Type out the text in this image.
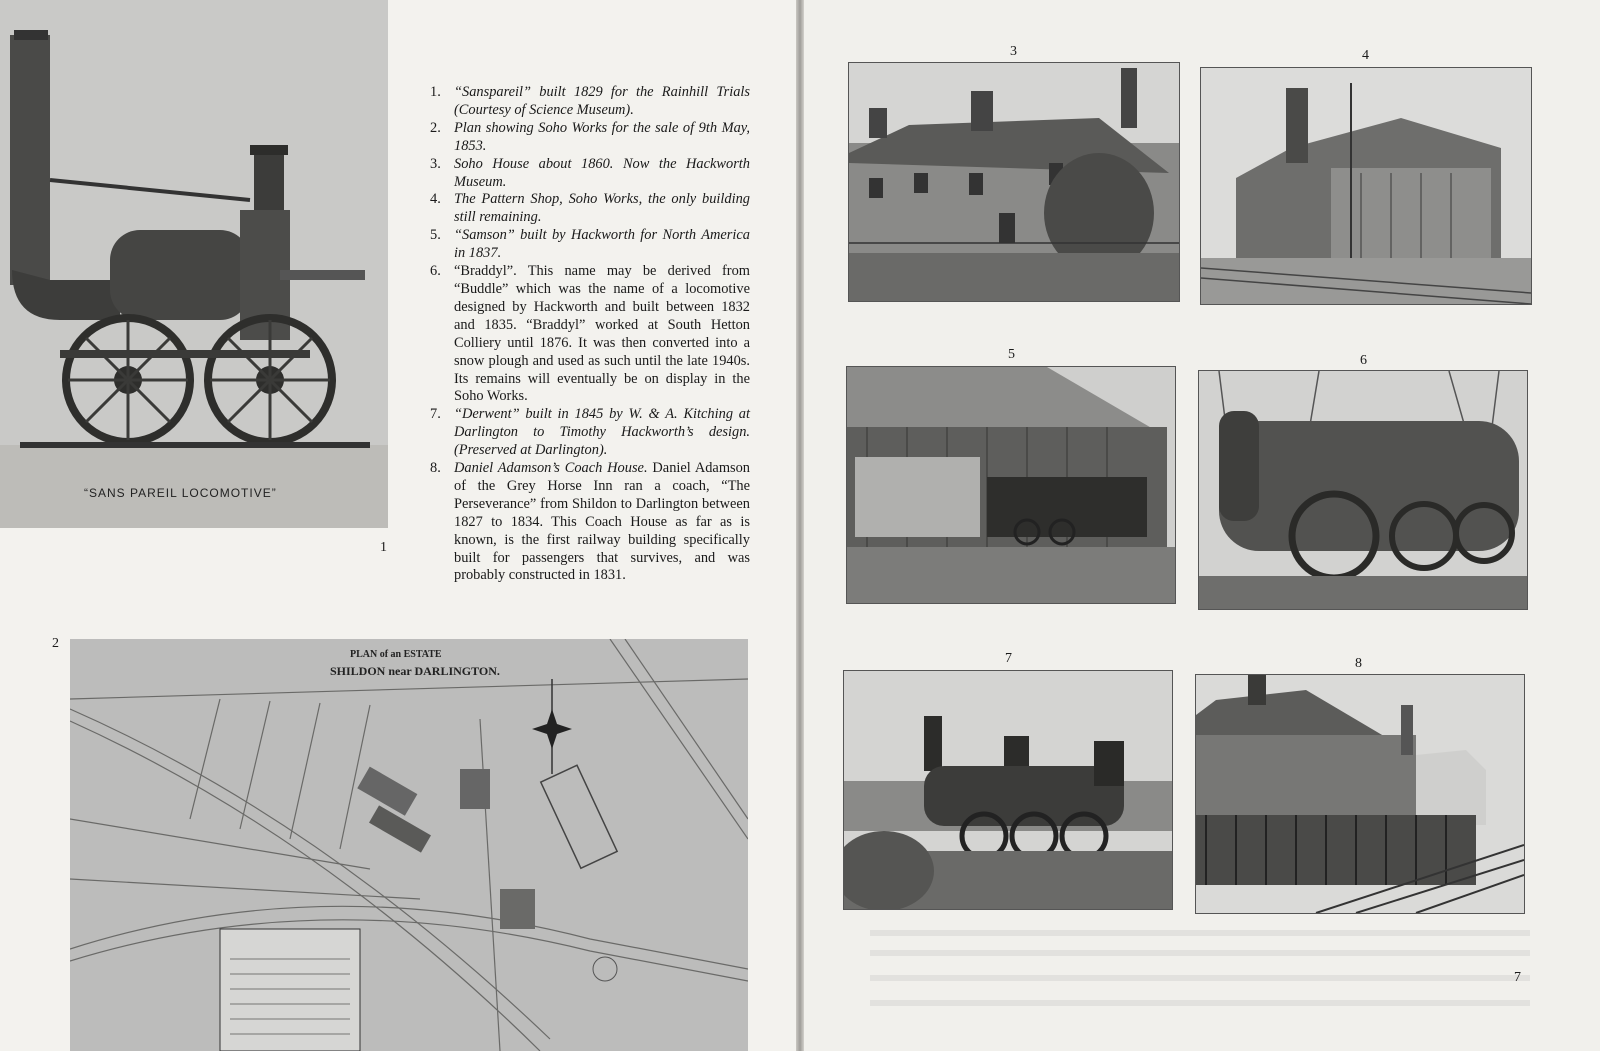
“SANS PAREIL LOCOMOTIVE”
1
1. “Sanspareil” built 1829 for the Rainhill Trials (Courtesy of Science Museum).
2. Plan showing Soho Works for the sale of 9th May, 1853.
3. Soho House about 1860. Now the Hackworth Museum.
4. The Pattern Shop, Soho Works, the only building still remaining.
5. “Samson” built by Hackworth for North America in 1837.
6. “Braddyl”. This name may be derived from “Buddle” which was the name of a locomotive designed by Hackworth and built between 1832 and 1835. “Braddyl” worked at South Hetton Colliery until 1876. It was then converted into a snow plough and used as such until the late 1940s. Its remains will eventually be on display in the Soho Works.
7. “Derwent” built in 1845 by W. & A. Kitching at Darlington to Timothy Hackworth’s design. (Preserved at Darlington).
8. Daniel Adamson’s Coach House. Daniel Adamson of the Grey Horse Inn ran a coach, “The Perseverance” from Shildon to Darlington between 1827 to 1834. This Coach House as far as is known, is the first railway building specifically built for passengers that survives, and was probably constructed in 1831.
2
PLAN of an ESTATE
SHILDON near DARLINGTON.
3	4
5	6
7	8
7
